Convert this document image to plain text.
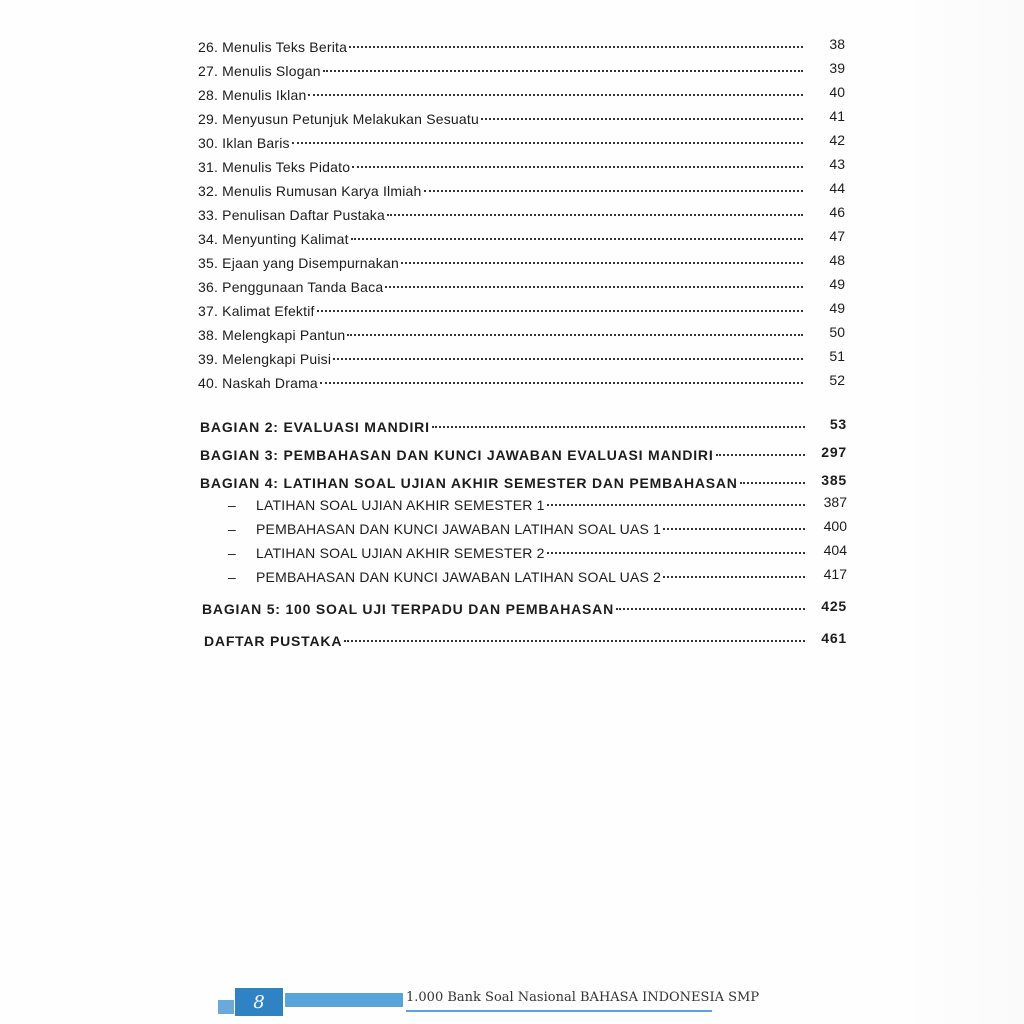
26. Menulis Teks Berita	38
27. Menulis Slogan	39
28. Menulis Iklan	40
29. Menyusun Petunjuk Melakukan Sesuatu	41
30. Iklan Baris	42
31. Menulis Teks Pidato	43
32. Menulis Rumusan Karya Ilmiah	44
33. Penulisan Daftar Pustaka	46
34. Menyunting Kalimat	47
35. Ejaan yang Disempurnakan	48
36. Penggunaan Tanda Baca	49
37. Kalimat Efektif	49
38. Melengkapi Pantun	50
39. Melengkapi Puisi	51
40. Naskah Drama	52
BAGIAN 2: EVALUASI MANDIRI	53
BAGIAN 3: PEMBAHASAN DAN KUNCI JAWABAN EVALUASI MANDIRI	297
BAGIAN 4: LATIHAN SOAL UJIAN AKHIR SEMESTER DAN PEMBAHASAN	385
– LATIHAN SOAL UJIAN AKHIR SEMESTER 1	387
– PEMBAHASAN DAN KUNCI JAWABAN LATIHAN SOAL UAS 1	400
– LATIHAN SOAL UJIAN AKHIR SEMESTER 2	404
– PEMBAHASAN DAN KUNCI JAWABAN LATIHAN SOAL UAS 2	417
BAGIAN 5: 100 SOAL UJI TERPADU DAN PEMBAHASAN	425
DAFTAR PUSTAKA	461
8	1.000 Bank Soal Nasional BAHASA INDONESIA SMP
